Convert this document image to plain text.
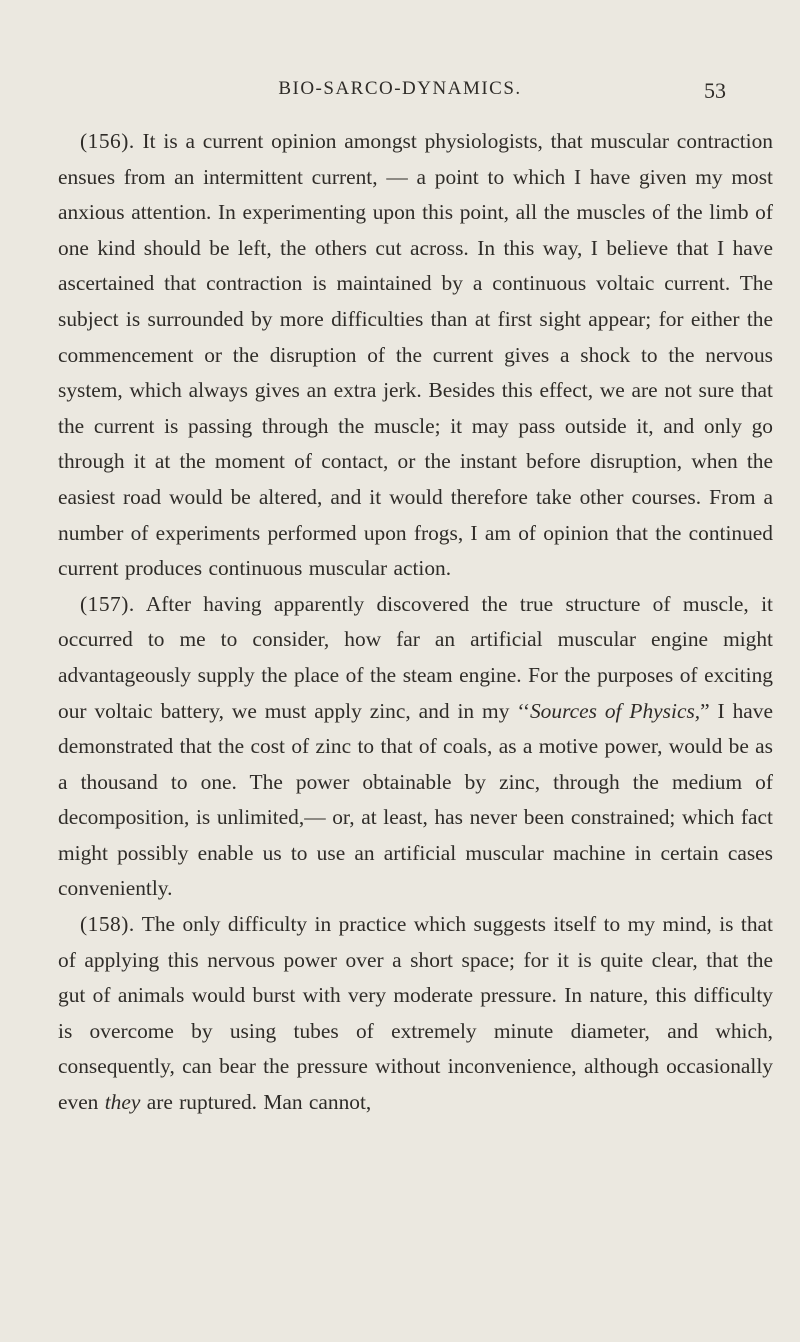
BIO-SARCO-DYNAMICS.	53

(156). It is a current opinion amongst physiologists, that muscular contraction ensues from an intermittent current, — a point to which I have given my most anxious attention. In experimenting upon this point, all the muscles of the limb of one kind should be left, the others cut across. In this way, I believe that I have ascertained that contraction is maintained by a continuous voltaic current. The subject is surrounded by more difficulties than at first sight appear; for either the commencement or the disruption of the current gives a shock to the nervous system, which always gives an extra jerk. Besides this effect, we are not sure that the current is passing through the muscle; it may pass outside it, and only go through it at the moment of contact, or the instant before disruption, when the easiest road would be altered, and it would therefore take other courses. From a number of experiments performed upon frogs, I am of opinion that the continued current produces continuous muscular action.

(157). After having apparently discovered the true structure of muscle, it occurred to me to consider, how far an artificial muscular engine might advantageously supply the place of the steam engine. For the purposes of exciting our voltaic battery, we must apply zinc, and in my ‘‘Sources of Physics,” I have demonstrated that the cost of zinc to that of coals, as a motive power, would be as a thousand to one. The power obtainable by zinc, through the medium of decomposition, is unlimited,— or, at least, has never been constrained; which fact might possibly enable us to use an artificial muscular machine in certain cases conveniently.

(158). The only difficulty in practice which suggests itself to my mind, is that of applying this nervous power over a short space; for it is quite clear, that the gut of animals would burst with very moderate pressure. In nature, this difficulty is overcome by using tubes of extremely minute diameter, and which, consequently, can bear the pressure without inconvenience, although occasionally even they are ruptured. Man cannot,
